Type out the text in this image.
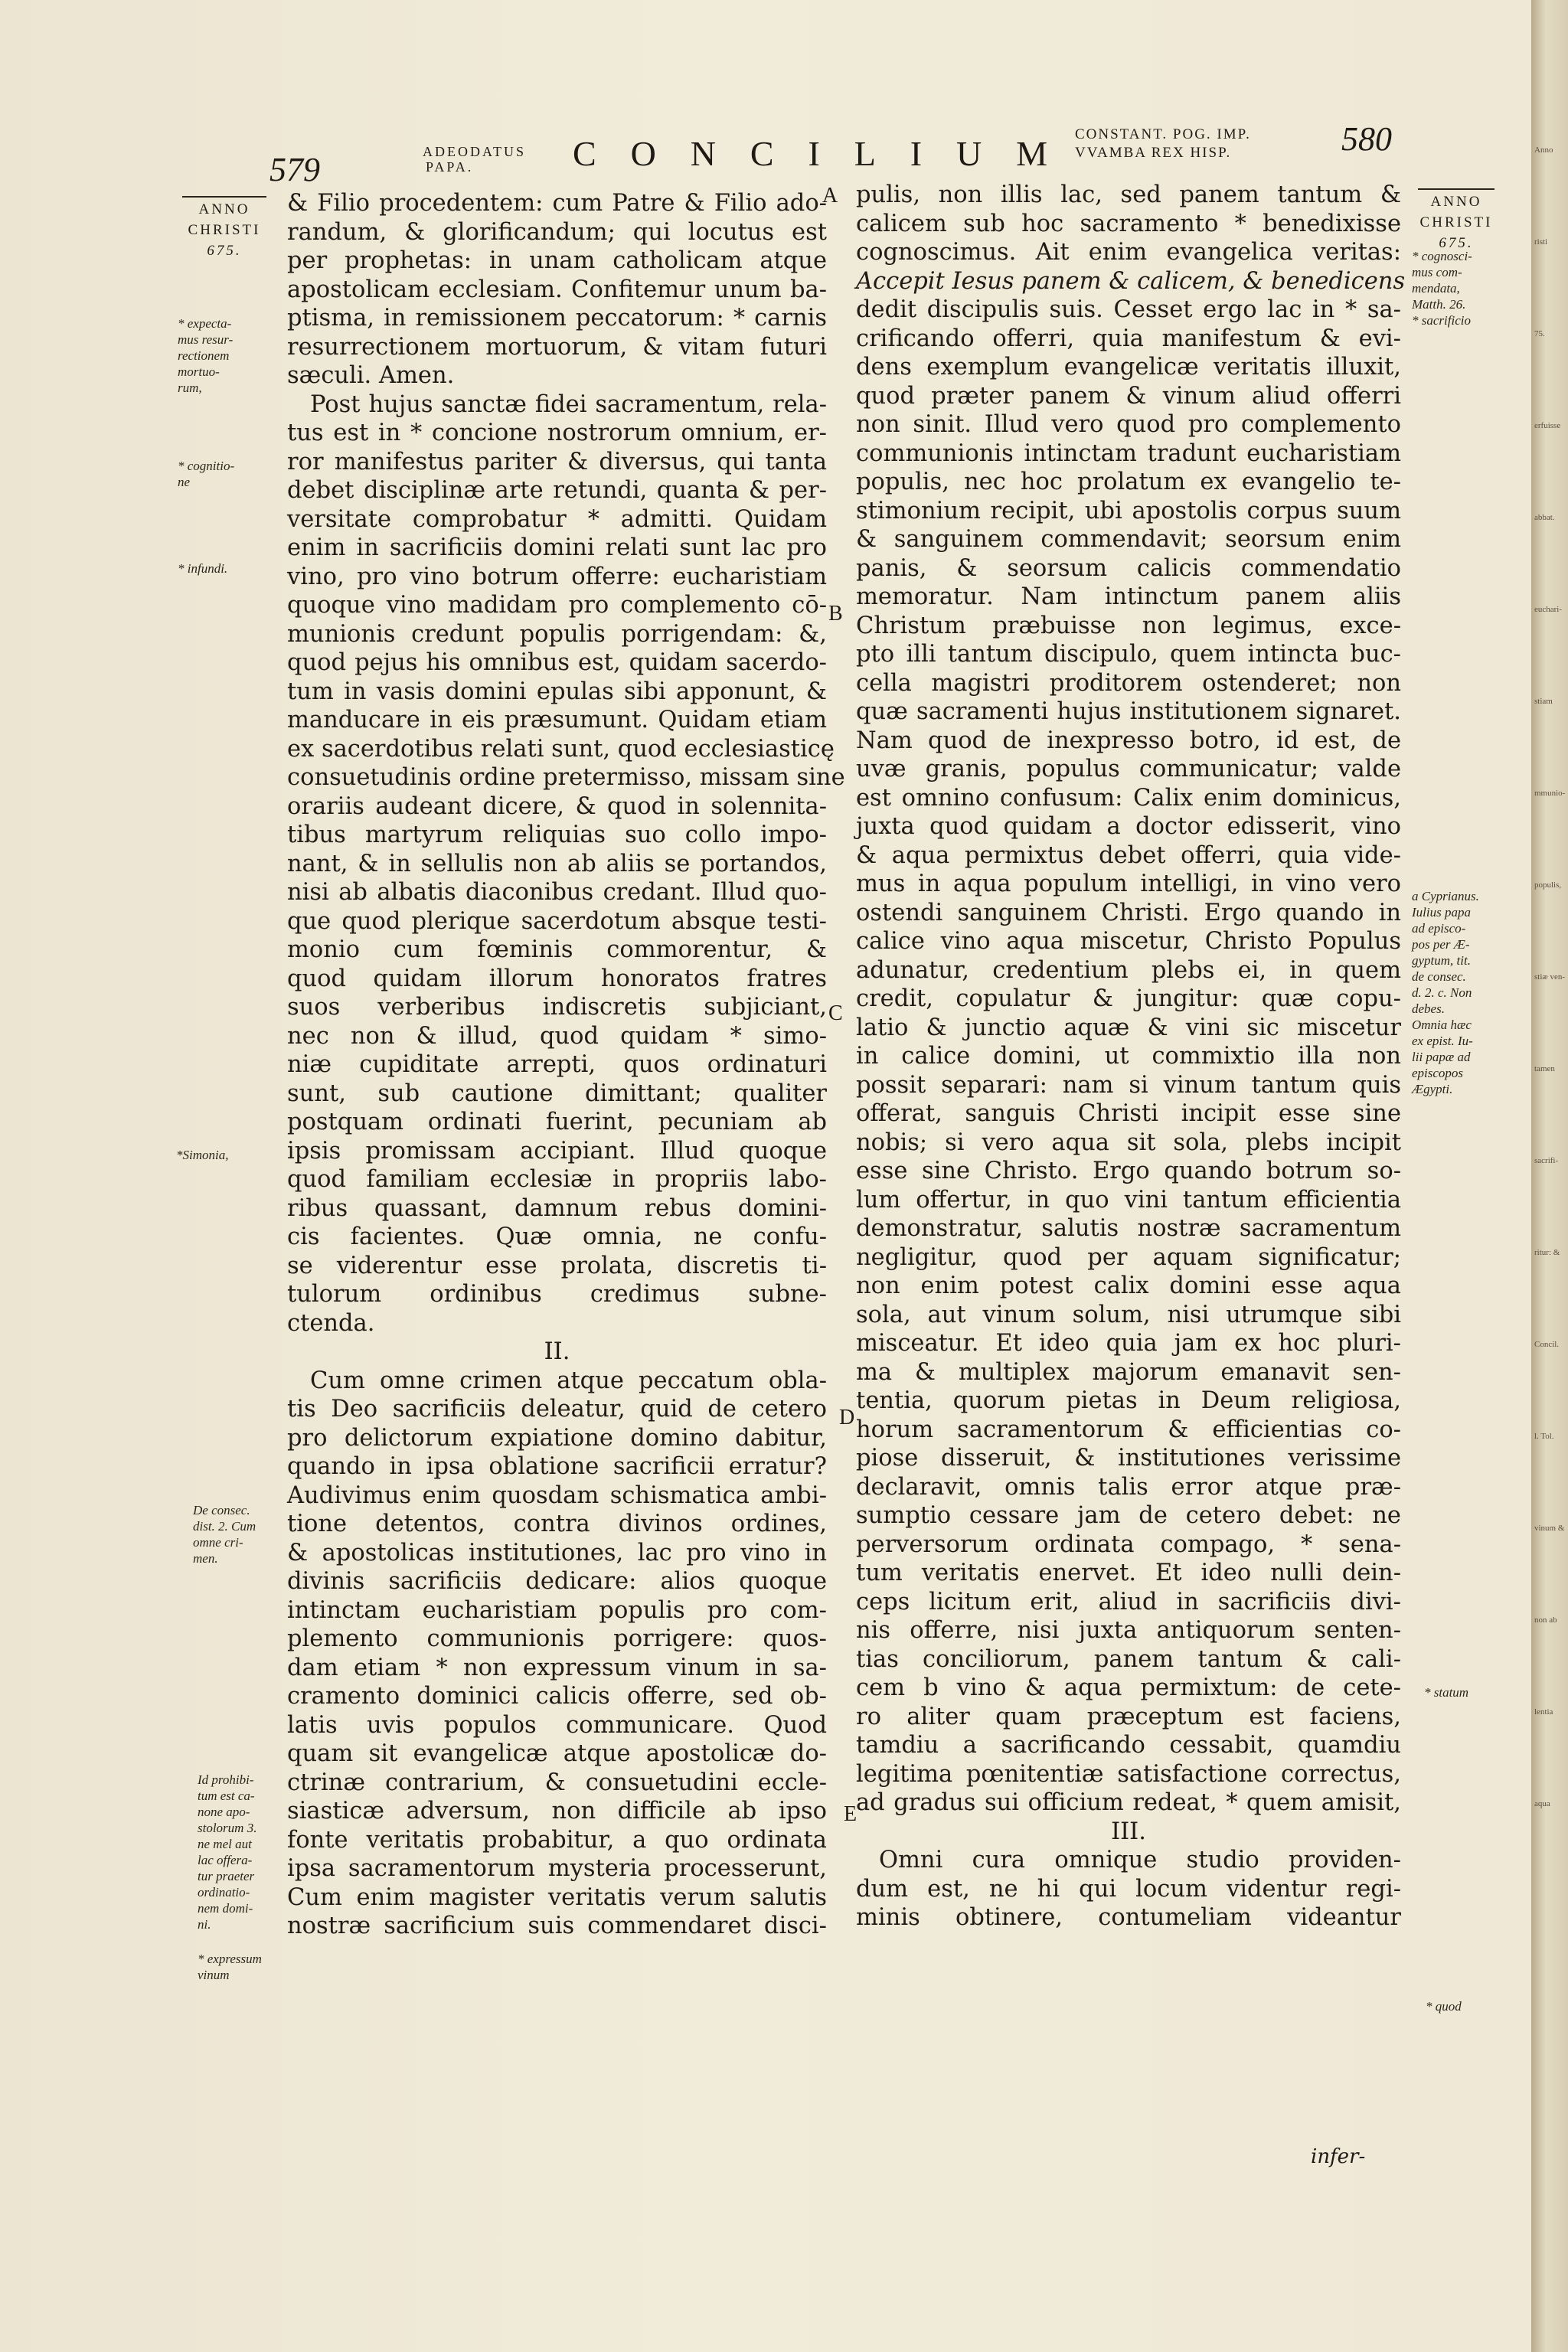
579	ADEODATUS
PAPA.	C O N C I L I U M CONSTANT. POG. IMP.
VVAMBA REX HISP.	580
ANNO
CHRISTI
675.
* expecta-
mus resur-
rectionem
mortuo-
rum,
* cognitio-
ne
* infundi.
*Simonia,
De consec.
dist. 2. Cum
omne cri-
men.
Id prohibi-
tum est ca-
none apo-
stolorum 3.
ne mel aut
lac offera-
tur praeter
ordinatio-
nem domi-
ni.
* expressum
vinum
A
B
C
D
E
& Filio procedentem: cum Patre & Filio ado-
randum, & glorificandum; qui locutus est
per prophetas: in unam catholicam atque
apostolicam ecclesiam. Confitemur unum ba-
ptisma, in remissionem peccatorum: * carnis
resurrectionem mortuorum, & vitam futuri
sæculi. Amen.
Post hujus sanctæ fidei sacramentum, rela-
tus est in * concione nostrorum omnium, er-
ror manifestus pariter & diversus, qui tanta
debet disciplinæ arte retundi, quanta & per-
versitate comprobatur * admitti. Quidam
enim in sacrificiis domini relati sunt lac pro
vino, pro vino botrum offerre: eucharistiam
quoque vino madidam pro complemento cō-
munionis credunt populis porrigendam: &,
quod pejus his omnibus est, quidam sacerdo-
tum in vasis domini epulas sibi apponunt, &
manducare in eis præsumunt. Quidam etiam
ex sacerdotibus relati sunt, quod ecclesiasticę
consuetudinis ordine pretermisso, missam sine
orariis audeant dicere, & quod in solennita-
tibus martyrum reliquias suo collo impo-
nant, & in sellulis non ab aliis se portandos,
nisi ab albatis diaconibus credant. Illud quo-
que quod plerique sacerdotum absque testi-
monio cum fœminis commorentur, &
quod quidam illorum honoratos fratres
suos verberibus indiscretis subjiciant,
nec non & illud, quod quidam * simo-
niæ cupiditate arrepti, quos ordinaturi
sunt, sub cautione dimittant; qualiter
postquam ordinati fuerint, pecuniam ab
ipsis promissam accipiant. Illud quoque
quod familiam ecclesiæ in propriis labo-
ribus quassant, damnum rebus domini-
cis facientes. Quæ omnia, ne confu-
se viderentur esse prolata, discretis ti-
tulorum ordinibus credimus subne-
ctenda.
II.
Cum omne crimen atque peccatum obla-
tis Deo sacrificiis deleatur, quid de cetero
pro delictorum expiatione domino dabitur,
quando in ipsa oblatione sacrificii erratur?
Audivimus enim quosdam schismatica ambi-
tione detentos, contra divinos ordines,
& apostolicas institutiones, lac pro vino in
divinis sacrificiis dedicare: alios quoque
intinctam eucharistiam populis pro com-
plemento communionis porrigere: quos-
dam etiam * non expressum vinum in sa-
cramento dominici calicis offerre, sed ob-
latis uvis populos communicare. Quod
quam sit evangelicæ atque apostolicæ do-
ctrinæ contrarium, & consuetudini eccle-
siasticæ adversum, non difficile ab ipso
fonte veritatis probabitur, a quo ordinata
ipsa sacramentorum mysteria processerunt,
Cum enim magister veritatis verum salutis
nostræ sacrificium suis commendaret disci-
pulis, non illis lac, sed panem tantum &
calicem sub hoc sacramento * benedixisse
cognoscimus. Ait enim evangelica veritas:
Accepit Iesus panem & calicem, & benedicens
dedit discipulis suis. Cesset ergo lac in * sa-
crificando offerri, quia manifestum & evi-
dens exemplum evangelicæ veritatis illuxit,
quod præter panem & vinum aliud offerri
non sinit. Illud vero quod pro complemento
communionis intinctam tradunt eucharistiam
populis, nec hoc prolatum ex evangelio te-
stimonium recipit, ubi apostolis corpus suum
& sanguinem commendavit; seorsum enim
panis, & seorsum calicis commendatio
memoratur. Nam intinctum panem aliis
Christum præbuisse non legimus, exce-
pto illi tantum discipulo, quem intincta buc-
cella magistri proditorem ostenderet; non
quæ sacramenti hujus institutionem signaret.
Nam quod de inexpresso botro, id est, de
uvæ granis, populus communicatur; valde
est omnino confusum: Calix enim dominicus,
juxta quod quidam a doctor edisserit, vino
& aqua permixtus debet offerri, quia vide-
mus in aqua populum intelligi, in vino vero
ostendi sanguinem Christi. Ergo quando in
calice vino aqua miscetur, Christo Populus
adunatur, credentium plebs ei, in quem
credit, copulatur & jungitur: quæ copu-
latio & junctio aquæ & vini sic miscetur
in calice domini, ut commixtio illa non
possit separari: nam si vinum tantum quis
offerat, sanguis Christi incipit esse sine
nobis; si vero aqua sit sola, plebs incipit
esse sine Christo. Ergo quando botrum so-
lum offertur, in quo vini tantum efficientia
demonstratur, salutis nostræ sacramentum
negligitur, quod per aquam significatur;
non enim potest calix domini esse aqua
sola, aut vinum solum, nisi utrumque sibi
misceatur. Et ideo quia jam ex hoc pluri-
ma & multiplex majorum emanavit sen-
tentia, quorum pietas in Deum religiosa,
horum sacramentorum & efficientias co-
piose disseruit, & institutiones verissime
declaravit, omnis talis error atque præ-
sumptio cessare jam de cetero debet: ne
perversorum ordinata compago, * sena-
tum veritatis enervet. Et ideo nulli dein-
ceps licitum erit, aliud in sacrificiis divi-
nis offerre, nisi juxta antiquorum senten-
tias conciliorum, panem tantum & cali-
cem b vino & aqua permixtum: de cete-
ro aliter quam præceptum est faciens,
tamdiu a sacrificando cessabit, quamdiu
legitima pœnitentiæ satisfactione correctus,
ad gradus sui officium redeat, * quem amisit,
III.
Omni cura omnique studio providen-
dum est, ne hi qui locum videntur regi-
minis obtinere, contumeliam videantur
ANNO
CHRISTI
675.
* cognosci-
mus com-
mendata,
Matth. 26.
* sacrificio
a Cyprianus.
Iulius papa
ad episco-
pos per Æ-
gyptum, tit.
de consec.
d. 2. c. Non
debes.
Omnia hæc
ex epist. Iu-
lii papæ ad
episcopos
Ægypti.
* statum
* quod
infer-
Anno
risti
75.
erfuisse
abbat.
euchari-
stiam
mmunio-
populis,
stiæ ven-
tamen
sacrifi-
ritur: &
Concil.
l. Tol.
vinum &
non ab
lentia
aqua
